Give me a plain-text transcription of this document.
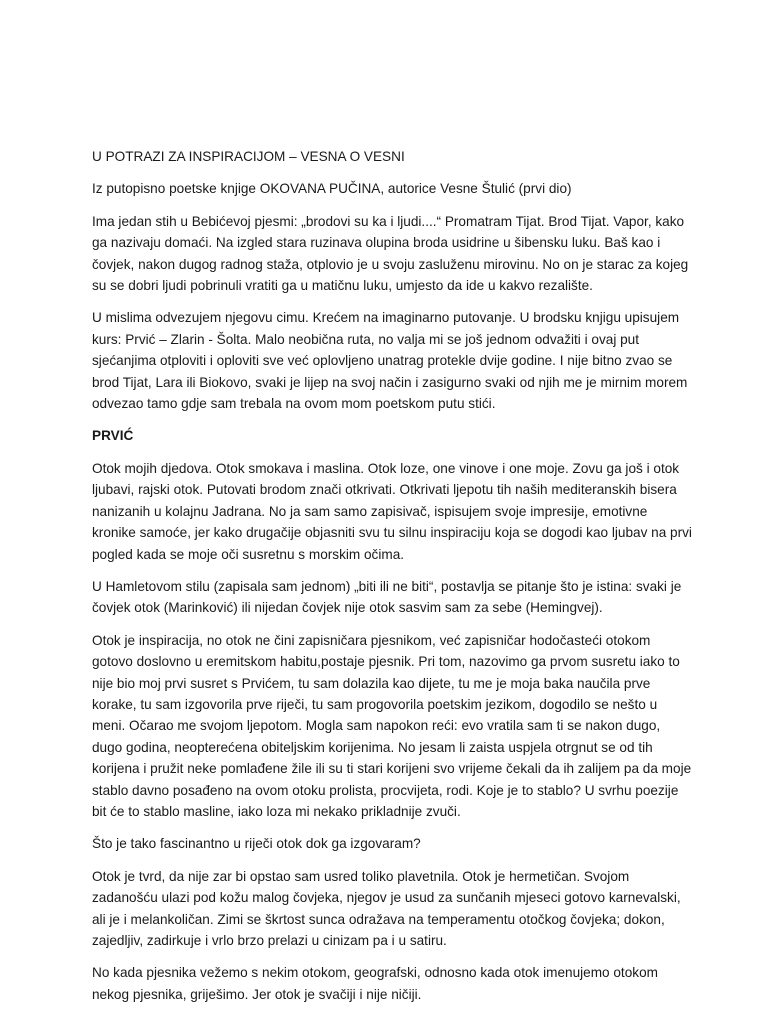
U POTRAZI ZA INSPIRACIJOM – VESNA O VESNI

Iz putopisno poetske knjige OKOVANA PUČINA, autorice Vesne Štulić (prvi dio)

Ima jedan stih u Bebićevoj pjesmi: „brodovi su ka i ljudi....“ Promatram Tijat. Brod Tijat. Vapor, kako ga nazivaju domaći. Na izgled stara ruzinava olupina broda usidrine u šibensku luku. Baš kao i čovjek, nakon dugog radnog staža, otplovio je u svoju zasluženu mirovinu. No on je starac za kojeg su se dobri ljudi pobrinuli vratiti ga u matičnu luku, umjesto da ide u kakvo rezalište.

U mislima odvezujem njegovu cimu. Krećem na imaginarno putovanje. U brodsku knjigu upisujem kurs: Prvić – Zlarin - Šolta. Malo neobična ruta, no valja mi se još jednom odvažiti i ovaj put sjećanjima otploviti i oploviti sve već oplovljeno unatrag protekle dvije godine. I nije bitno zvao se brod Tijat, Lara ili Biokovo, svaki je lijep na svoj način i zasigurno svaki od njih me je mirnim morem odvezao tamo gdje sam trebala na ovom mom poetskom putu stići.

PRVIĆ

Otok mojih djedova. Otok smokava i maslina. Otok loze, one vinove i one moje. Zovu ga još i otok ljubavi, rajski otok. Putovati brodom znači otkrivati. Otkrivati ljepotu tih naših mediteranskih bisera nanizanih u kolajnu Jadrana. No ja sam samo zapisivač, ispisujem svoje impresije, emotivne kronike samoće, jer kako drugačije objasniti svu tu silnu inspiraciju koja se dogodi kao ljubav na prvi pogled kada se moje oči susretnu s morskim očima.

U Hamletovom stilu (zapisala sam jednom) „biti ili ne biti“, postavlja se pitanje što je istina: svaki je čovjek otok (Marinković) ili nijedan čovjek nije otok sasvim sam za sebe (Hemingvej).

Otok je inspiracija, no otok ne čini zapisničara pjesnikom, već zapisničar hodočasteći otokom gotovo doslovno u eremitskom habitu,postaje pjesnik. Pri tom, nazovimo ga prvom susretu iako to nije bio moj prvi susret s Prvićem, tu sam dolazila kao dijete, tu me je moja baka naučila prve korake, tu sam izgovorila prve riječi, tu sam progovorila poetskim jezikom, dogodilo se nešto u meni. Očarao me svojom ljepotom. Mogla sam napokon reći: evo vratila sam ti se nakon dugo, dugo godina, neopterećena obiteljskim korijenima. No jesam li zaista uspjela otrgnut se od tih korijena i pružit neke pomlađene žile ili su ti stari korijeni svo vrijeme čekali da ih zalijem pa da moje stablo davno posađeno na ovom otoku prolista, procvijeta, rodi. Koje je to stablo? U svrhu poezije bit će to stablo masline, iako loza mi nekako prikladnije zvuči.

Što je tako fascinantno u riječi otok dok ga izgovaram?

Otok je tvrd, da nije zar bi opstao sam usred toliko plavetnila. Otok je hermetičan. Svojom zadanošću ulazi pod kožu malog čovjeka, njegov je usud za sunčanih mjeseci gotovo karnevalski, ali je i melankoličan. Zimi se škrtost sunca odražava na temperamentu otočkog čovjeka; dokon, zajedljiv, zadirkuje i vrlo brzo prelazi u cinizam pa i u satiru.

No kada pjesnika vežemo s nekim otokom, geografski, odnosno kada otok imenujemo otokom nekog pjesnika, griješimo. Jer otok je svačiji i nije ničiji.
